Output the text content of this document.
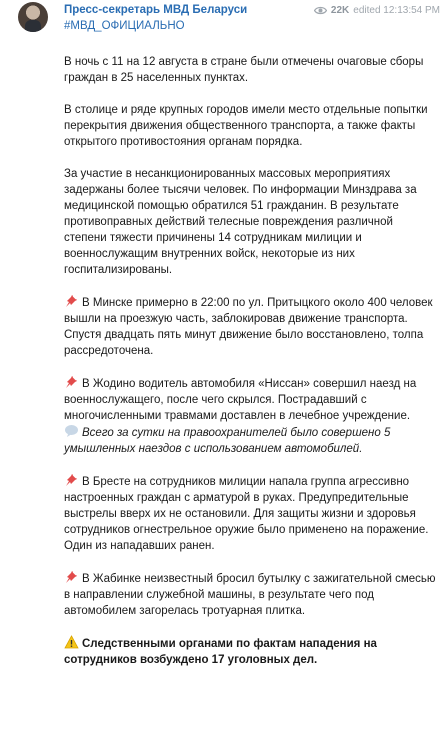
Пресс-секретарь МВД Беларуси
#МВД_ОФИЦИАЛЬНО
22K edited 12:13:54 PM

В ночь с 11 на 12 августа в стране были отмечены очаговые сборы граждан в 25 населенных пунктах.

В столице и ряде крупных городов имели место отдельные попытки перекрытия движения общественного транспорта, а также факты открытого противостояния органам порядка.

За участие в несанкционированных массовых мероприятиях задержаны более тысячи человек. По информации Минздрава за медицинской помощью обратился 51 гражданин. В результате противоправных действий телесные повреждения различной степени тяжести причинены 14 сотрудникам милиции и военнослужащим внутренних войск, некоторые из них госпитализированы.

В Минске примерно в 22:00 по ул. Притыцкого около 400 человек вышли на проезжую часть, заблокировав движение транспорта. Спустя двадцать пять минут движение было восстановлено, толпа рассредоточена.

В Жодино водитель автомобиля «Ниссан» совершил наезд на военнослужащего, после чего скрылся. Пострадавший с многочисленными травмами доставлен в лечебное учреждение.

Всего за сутки на правоохранителей было совершено 5 умышленных наездов с использованием автомобилей.

В Бресте на сотрудников милиции напала группа агрессивно настроенных граждан с арматурой в руках. Предупредительные выстрелы вверх их не остановили. Для защиты жизни и здоровья сотрудников огнестрельное оружие было применено на поражение. Один из нападавших ранен.

В Жабинке неизвестный бросил бутылку с зажигательной смесью в направлении служебной машины, в результате чего под автомобилем загорелась тротуарная плитка.

Следственными органами по фактам нападения на сотрудников возбуждено 17 уголовных дел.
